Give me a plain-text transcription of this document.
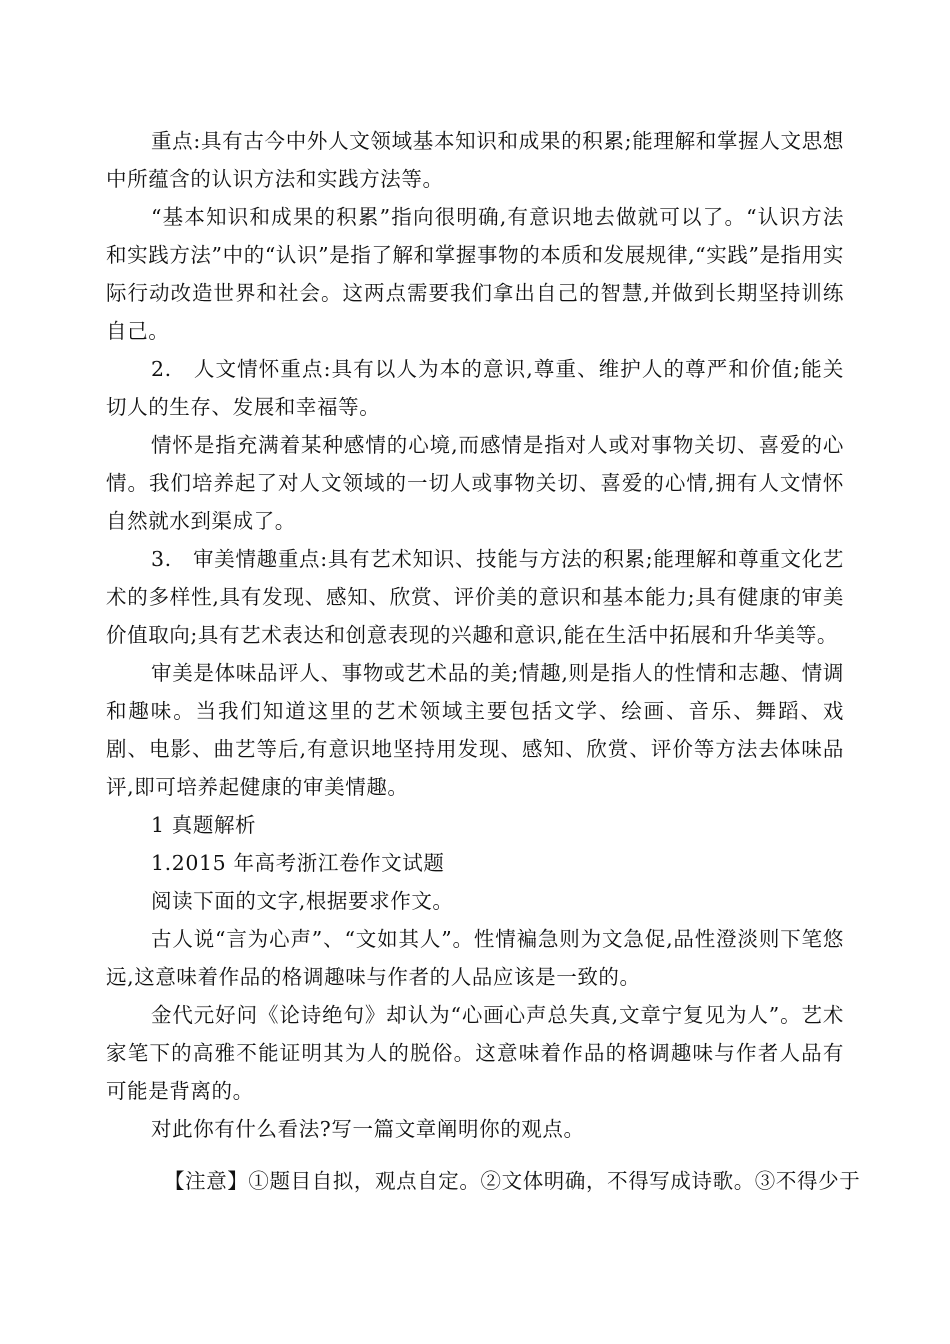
重点:具有古今中外人文领域基本知识和成果的积累;能理解和掌握人文思想中所蕴含的认识方法和实践方法等。

“基本知识和成果的积累”指向很明确,有意识地去做就可以了。“认识方法和实践方法”中的“认识”是指了解和掌握事物的本质和发展规律,“实践”是指用实际行动改造世界和社会。这两点需要我们拿出自己的智慧,并做到长期坚持训练自己。

2.　人文情怀重点:具有以人为本的意识,尊重、维护人的尊严和价值;能关切人的生存、发展和幸福等。

情怀是指充满着某种感情的心境,而感情是指对人或对事物关切、喜爱的心情。我们培养起了对人文领域的一切人或事物关切、喜爱的心情,拥有人文情怀自然就水到渠成了。

3.　审美情趣重点:具有艺术知识、技能与方法的积累;能理解和尊重文化艺术的多样性,具有发现、感知、欣赏、评价美的意识和基本能力;具有健康的审美价值取向;具有艺术表达和创意表现的兴趣和意识,能在生活中拓展和升华美等。

审美是体味品评人、事物或艺术品的美;情趣,则是指人的性情和志趣、情调和趣味。当我们知道这里的艺术领域主要包括文学、绘画、音乐、舞蹈、戏剧、电影、曲艺等后,有意识地坚持用发现、感知、欣赏、评价等方法去体味品评,即可培养起健康的审美情趣。

1 真题解析

1.2015 年高考浙江卷作文试题

阅读下面的文字,根据要求作文。

古人说“言为心声”、“文如其人”。性情褊急则为文急促,品性澄淡则下笔悠远,这意味着作品的格调趣味与作者的人品应该是一致的。

金代元好问《论诗绝句》却认为“心画心声总失真,文章宁复见为人”。艺术家笔下的高雅不能证明其为人的脱俗。这意味着作品的格调趣味与作者人品有可能是背离的。

对此你有什么看法?写一篇文章阐明你的观点。

【注意】①题目自拟，观点自定。②文体明确，不得写成诗歌。③不得少于
